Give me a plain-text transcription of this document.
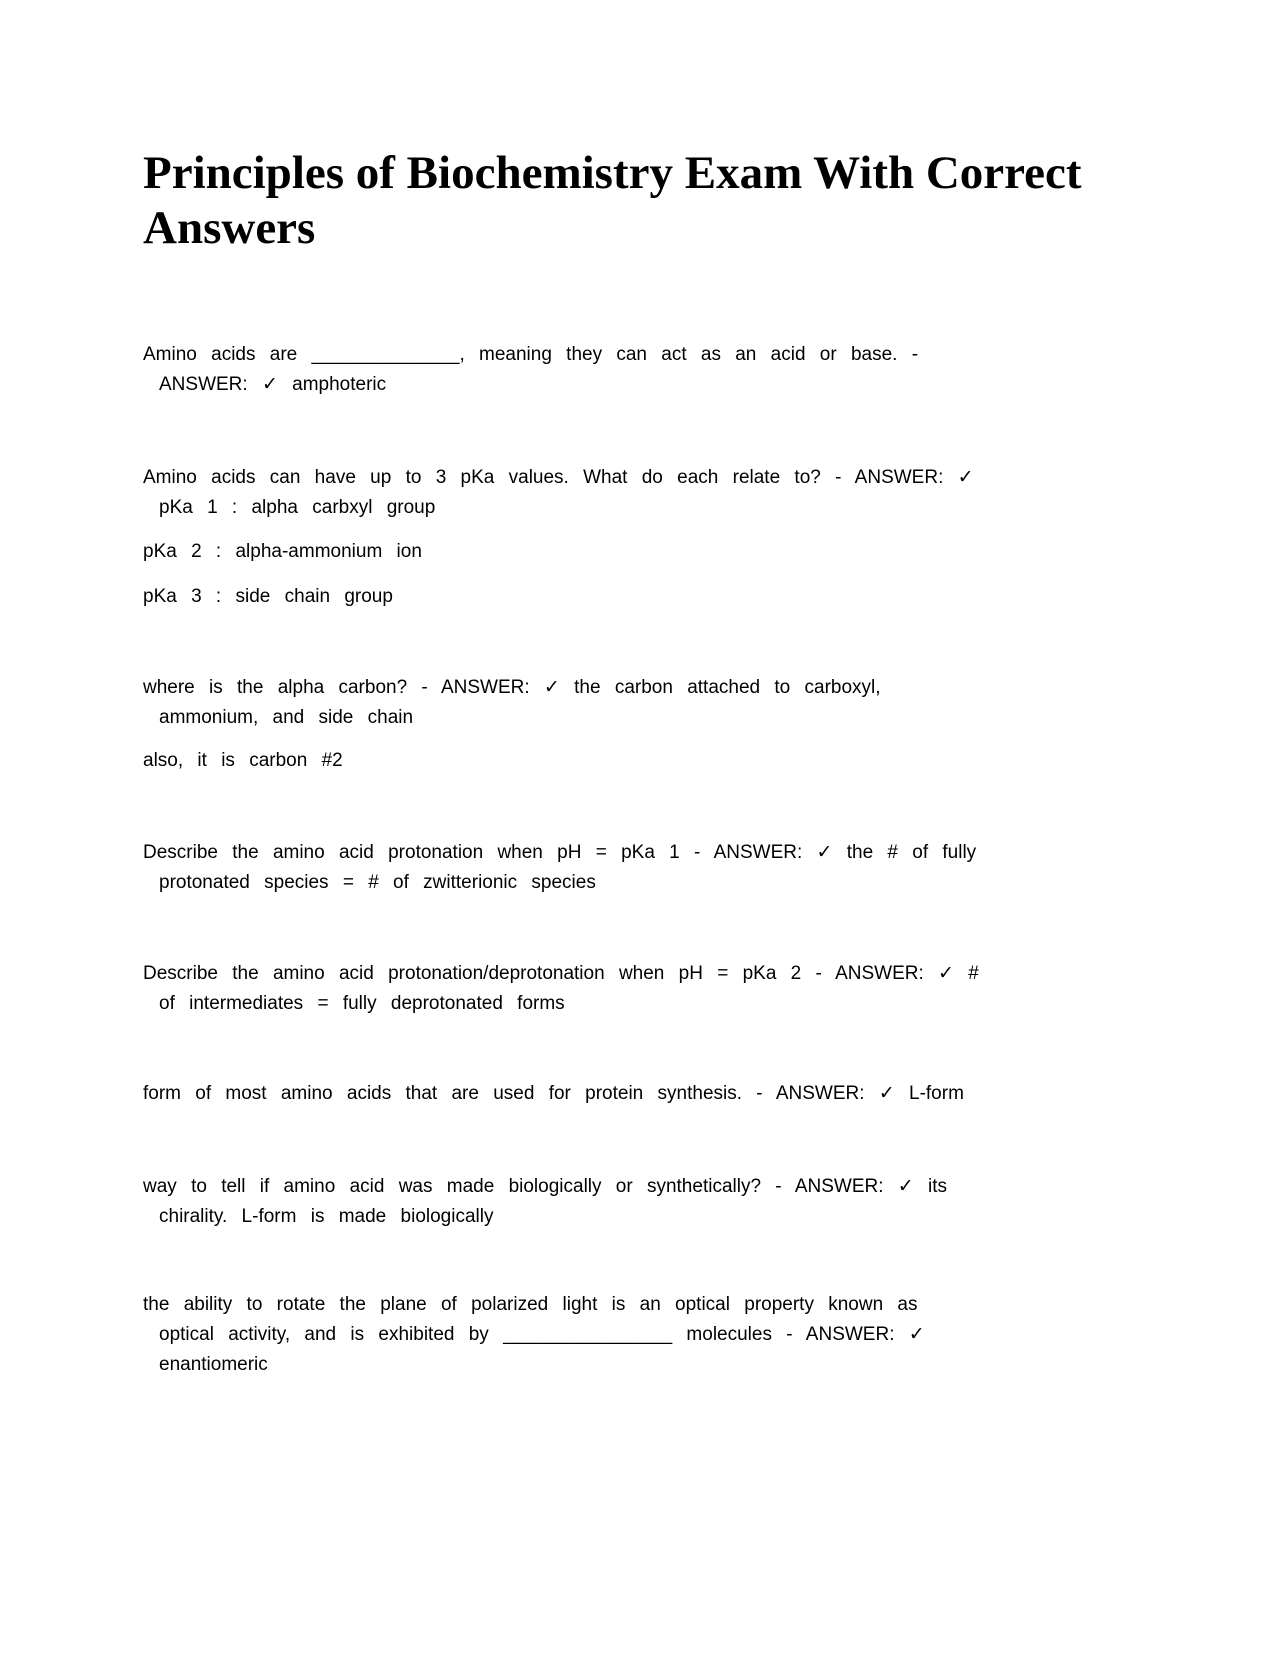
Principles of Biochemistry Exam With Correct Answers
Amino acids are ______________, meaning they can act as an acid or base. -
ANSWER: ✓ amphoteric
Amino acids can have up to 3 pKa values. What do each relate to? - ANSWER: ✓
pKa 1 : alpha carbxyl group
pKa 2 : alpha-ammonium ion
pKa 3 : side chain group
where is the alpha carbon? - ANSWER: ✓ the carbon attached to carboxyl,
ammonium, and side chain
also, it is carbon #2
Describe the amino acid protonation when pH = pKa 1 - ANSWER: ✓ the # of fully
protonated species = # of zwitterionic species
Describe the amino acid protonation/deprotonation when pH = pKa 2 - ANSWER: ✓ #
of intermediates = fully deprotonated forms
form of most amino acids that are used for protein synthesis. - ANSWER: ✓ L-form
way to tell if amino acid was made biologically or synthetically? - ANSWER: ✓ its
chirality. L-form is made biologically
the ability to rotate the plane of polarized light is an optical property known as
optical activity, and is exhibited by ________________ molecules - ANSWER: ✓
enantiomeric
